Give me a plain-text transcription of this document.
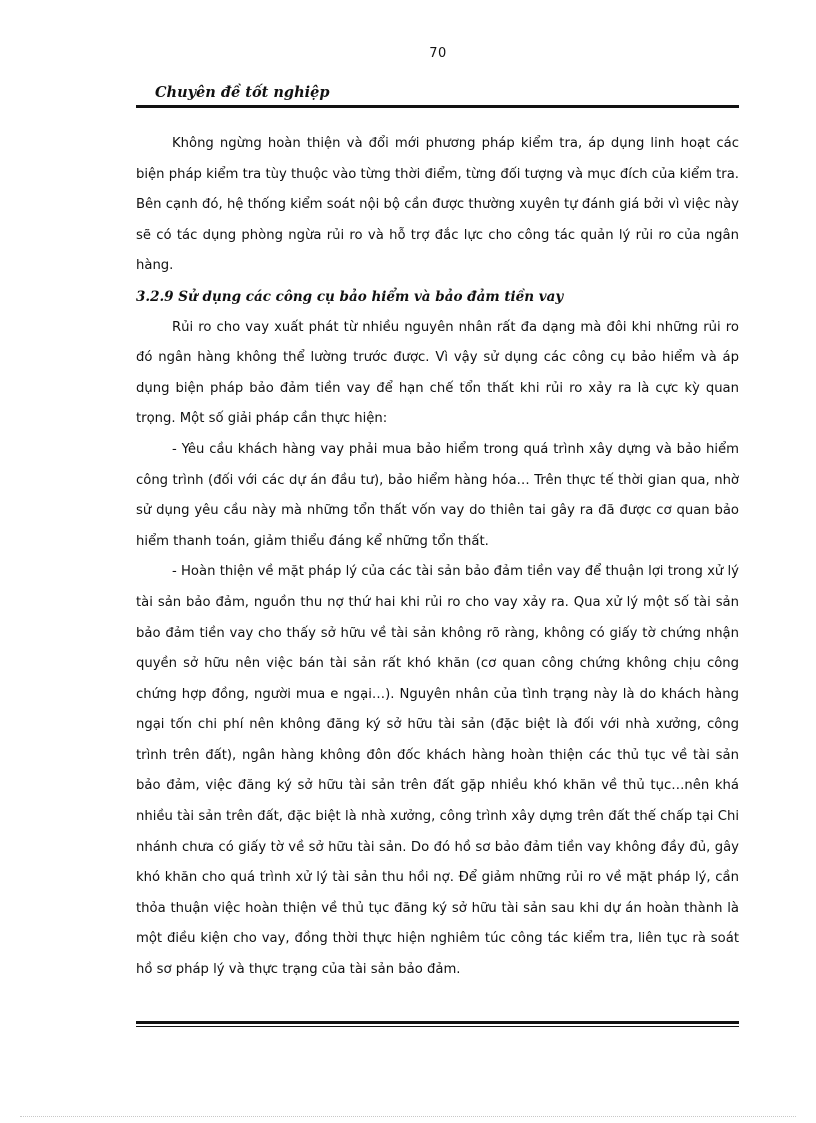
70
Chuyên đề tốt nghiệp

Không ngừng hoàn thiện và đổi mới phương pháp kiểm tra, áp dụng linh hoạt các biện pháp kiểm tra tùy thuộc vào từng thời điểm, từng đối tượng và mục đích của kiểm tra. Bên cạnh đó, hệ thống kiểm soát nội bộ cần được thường xuyên tự đánh giá bởi vì việc này sẽ có tác dụng phòng ngừa rủi ro và hỗ trợ đắc lực cho công tác quản lý rủi ro của ngân hàng.

3.2.9 Sử dụng các công cụ bảo hiểm và bảo đảm tiền vay

Rủi ro cho vay xuất phát từ nhiều nguyên nhân rất đa dạng mà đôi khi những rủi ro đó ngân hàng không thể lường trước được. Vì vậy sử dụng các công cụ bảo hiểm và áp dụng biện pháp bảo đảm tiền vay để hạn chế tổn thất khi rủi ro xảy ra là cực kỳ quan trọng. Một số giải pháp cần thực hiện:

- Yêu cầu khách hàng vay phải mua bảo hiểm trong quá trình xây dựng và bảo hiểm công trình (đối với các dự án đầu tư), bảo hiểm hàng hóa… Trên thực tế thời gian qua, nhờ sử dụng yêu cầu này mà những tổn thất vốn vay do thiên tai gây ra đã được cơ quan bảo hiểm thanh toán, giảm thiểu đáng kể những tổn thất.

- Hoàn thiện về mặt pháp lý của các tài sản bảo đảm tiền vay để thuận lợi trong xử lý tài sản bảo đảm, nguồn thu nợ thứ hai khi rủi ro cho vay xảy ra. Qua xử lý một số tài sản bảo đảm tiền vay cho thấy sở hữu về tài sản không rõ ràng, không có giấy tờ chứng nhận quyền sở hữu nên việc bán tài sản rất khó khăn (cơ quan công chứng không chịu công chứng hợp đồng, người mua e ngại…). Nguyên nhân của tình trạng này là do khách hàng ngại tốn chi phí nên không đăng ký sở hữu tài sản (đặc biệt là đối với nhà xưởng, công trình trên đất), ngân hàng không đôn đốc khách hàng hoàn thiện các thủ tục về tài sản bảo đảm, việc đăng ký sở hữu tài sản trên đất gặp nhiều khó khăn về thủ tục…nên khá nhiều tài sản trên đất, đặc biệt là nhà xưởng, công trình xây dựng trên đất thế chấp tại Chi nhánh chưa có giấy tờ về sở hữu tài sản. Do đó hồ sơ bảo đảm tiền vay không đầy đủ, gây khó khăn cho quá trình xử lý tài sản thu hồi nợ. Để giảm những rủi ro về mặt pháp lý, cần thỏa thuận việc hoàn thiện về thủ tục đăng ký sở hữu tài sản sau khi dự án hoàn thành là một điều kiện cho vay, đồng thời thực hiện nghiêm túc công tác kiểm tra, liên tục rà soát hồ sơ pháp lý và thực trạng của tài sản bảo đảm.
